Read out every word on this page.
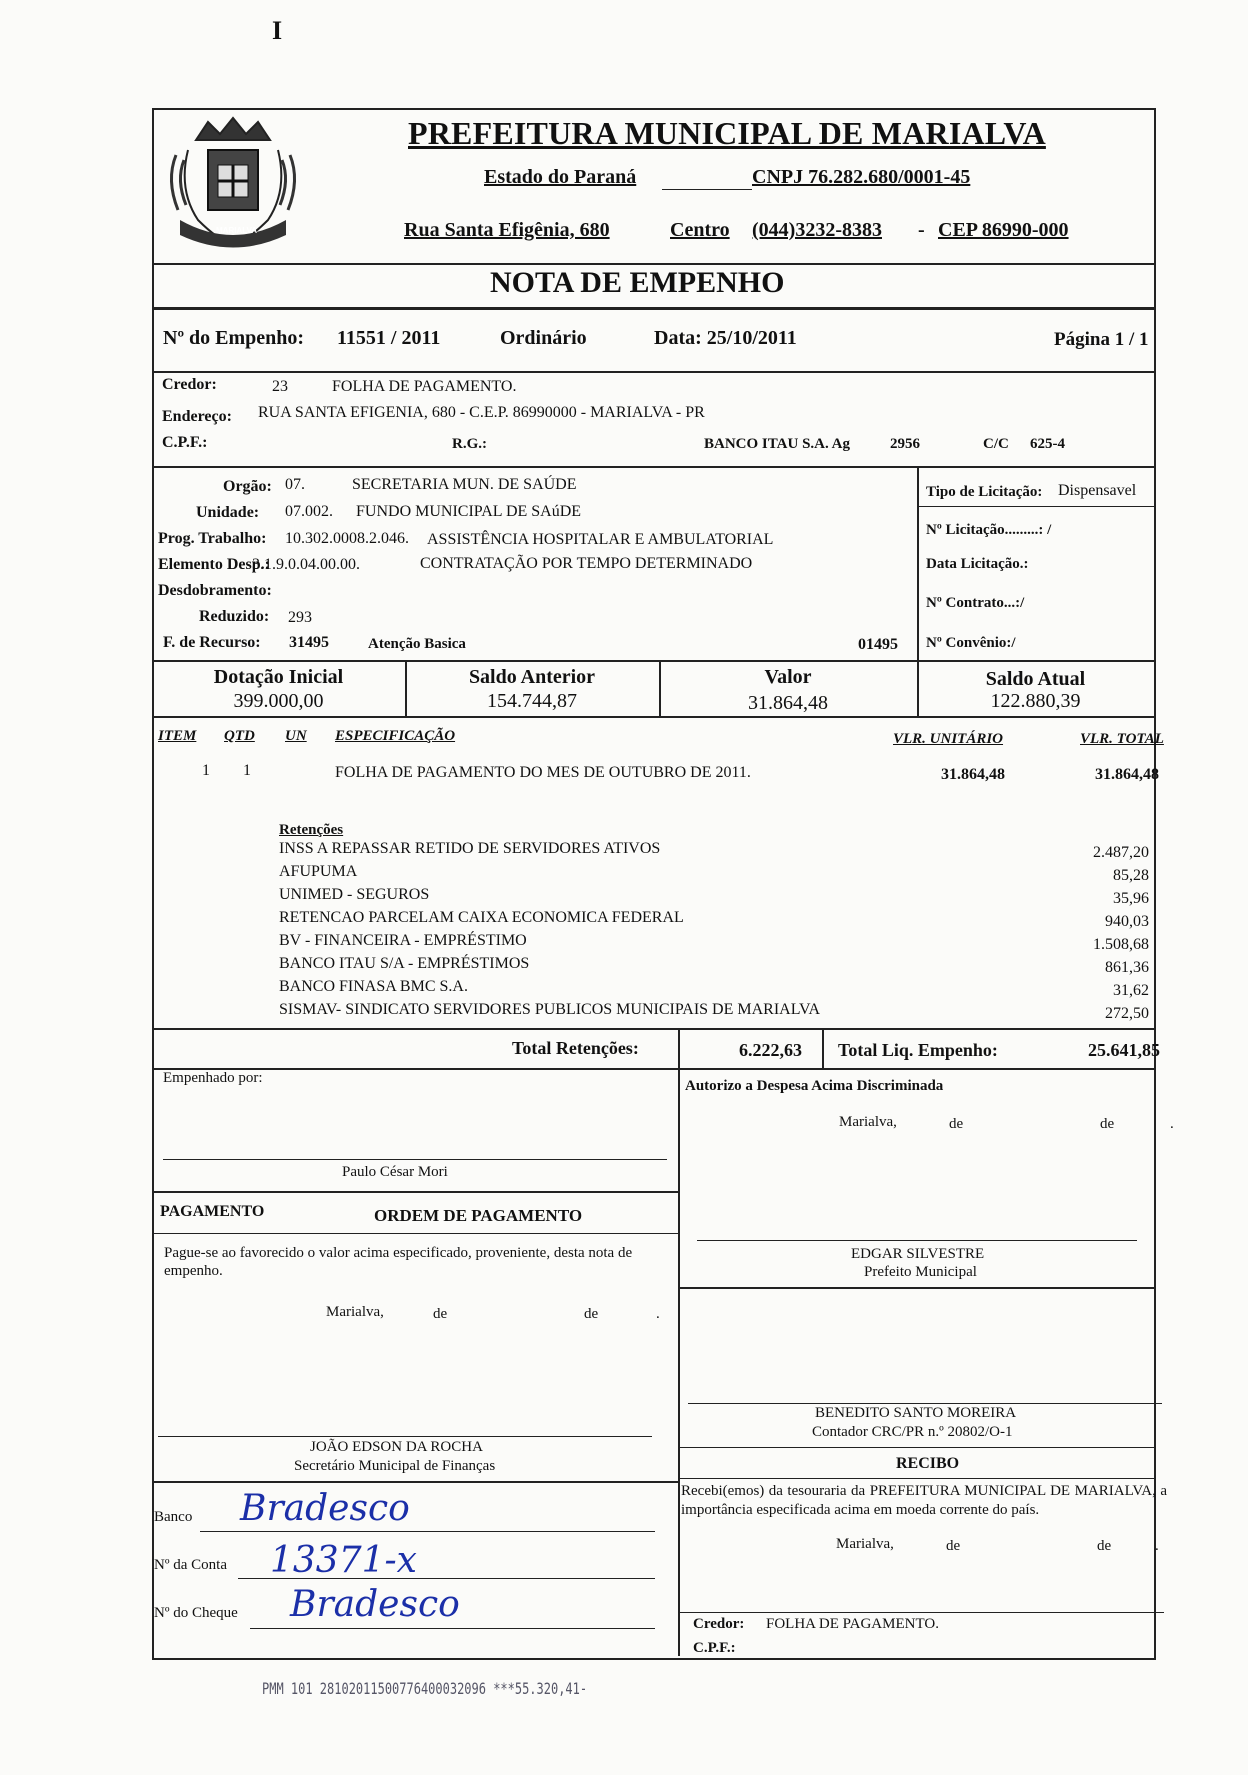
I
MARIALVA
PREFEITURA MUNICIPAL DE MARIALVA
Estado do Paraná	CNPJ 76.282.680/0001-45
Rua Santa Efigênia, 680	Centro (044)3232-8383 - CEP 86990-000
NOTA DE EMPENHO
Nº do Empenho: 11551 / 2011	Ordinário	Data: 25/10/2011	Página 1 / 1
Credor:	23	FOLHA DE PAGAMENTO.
Endereço: RUA SANTA EFIGENIA, 680 - C.E.P. 86990000 - MARIALVA - PR
C.P.F.:	R.G.:	BANCO ITAU S.A. Ag	2956	C/C 625-4
Orgão: 07.	SECRETARIA MUN. DE SAÚDE
Unidade: 07.002. FUNDO MUNICIPAL DE SAúDE
Prog. Trabalho: 10.302.0008.2.046. ASSISTÊNCIA HOSPITALAR E AMBULATORIAL
Elemento Desp.:
3.1.9.0.04.00.00.	CONTRATAÇÃO POR TEMPO DETERMINADO
Desdobramento:
Reduzido: 293
F. de Recurso: 31495	Atenção Basica	01495
Tipo de Licitação: Dispensavel
Nº Licitação.........: /
Data Licitação.:
Nº Contrato...:/
Nº Convênio:/
Dotação Inicial
399.000,00
Saldo Anterior
154.744,87
Valor
31.864,48
Saldo Atual
122.880,39
ITEM QTD UN ESPECIFICAÇÃO	VLR. UNITÁRIO	VLR. TOTAL
1 1	FOLHA DE PAGAMENTO DO MES DE OUTUBRO DE 2011.	31.864,48	31.864,48
Retenções
INSS A REPASSAR RETIDO DE SERVIDORES ATIVOS	2.487,20
AFUPUMA	85,28
UNIMED - SEGUROS	35,96
RETENCAO PARCELAM CAIXA ECONOMICA FEDERAL	940,03
BV - FINANCEIRA - EMPRÉSTIMO	1.508,68
BANCO ITAU S/A - EMPRÉSTIMOS	861,36
BANCO FINASA BMC S.A.	31,62
SISMAV- SINDICATO SERVIDORES PUBLICOS MUNICIPAIS DE MARIALVA	272,50
Total Retenções:	6.222,63 Total Liq. Empenho:	25.641,85
Empenhado por:
Paulo César Mori
PAGAMENTO	ORDEM DE PAGAMENTO
Pague-se ao favorecido o valor acima especificado, proveniente, desta nota de empenho.
Marialva,	de	de	.
JOÃO EDSON DA ROCHA
Secretário Municipal de Finanças
Banco Bradesco
Nº da Conta 13371-x
Nº do Cheque Bradesco
Autorizo a Despesa Acima Discriminada
Marialva,	de	de	.
EDGAR SILVESTRE
Prefeito Municipal
BENEDITO SANTO MOREIRA
Contador CRC/PR n.º 20802/O-1
RECIBO
Recebi(emos) da tesouraria da PREFEITURA MUNICIPAL DE MARIALVA, a importância especificada acima em moeda corrente do país.
Marialva,	de	de	.
Credor: FOLHA DE PAGAMENTO.
C.P.F.:
PMM 101 28102011500776400032096 ***55.320,41-
